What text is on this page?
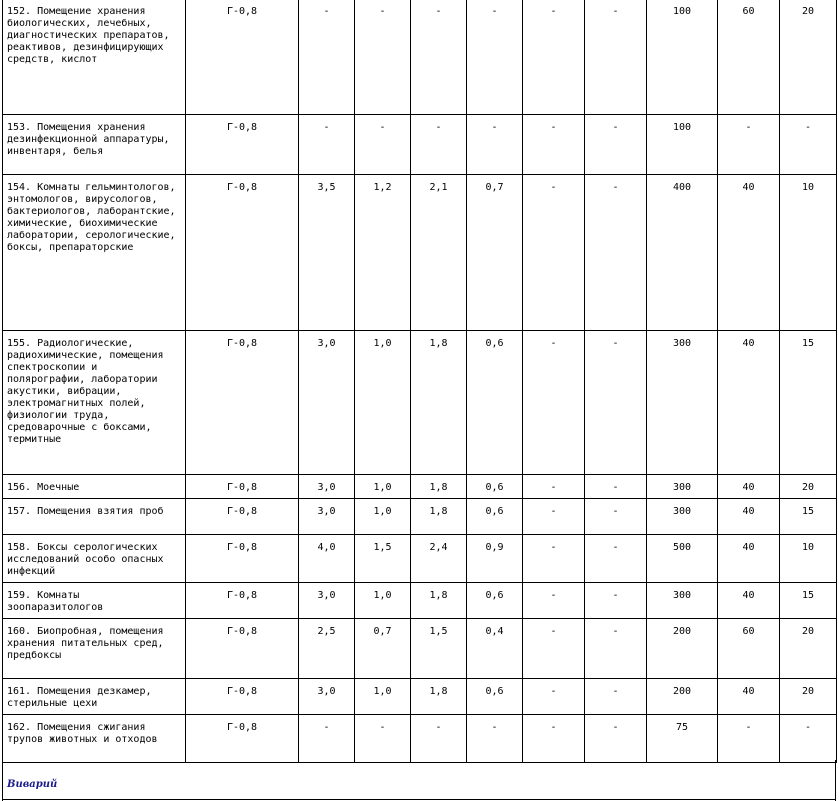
152. Помещение хранения биологических, лечебных, диагностических препаратов, реактивов, дезинфицирующих средств, кислот	Г-0,8	-	-	-	-	-	-	100	60	20
153. Помещения хранения дезинфекционной аппаратуры, инвентаря, белья	Г-0,8	-	-	-	-	-	-	100	-	-
154. Комнаты гельминтологов, энтомологов, вирусологов, бактериологов, лаборантские, химические, биохимические лаборатории, серологические, боксы, препараторские	Г-0,8	3,5	1,2	2,1	0,7	-	-	400	40	10
155. Радиологические, радиохимические, помещения спектроскопии и полярографии, лаборатории акустики, вибрации, электромагнитных полей, физиологии труда, средоварочные с боксами, термитные	Г-0,8	3,0	1,0	1,8	0,6	-	-	300	40	15
156. Моечные	Г-0,8	3,0	1,0	1,8	0,6	-	-	300	40	20
157. Помещения взятия проб	Г-0,8	3,0	1,0	1,8	0,6	-	-	300	40	15
158. Боксы серологических исследований особо опасных инфекций	Г-0,8	4,0	1,5	2,4	0,9	-	-	500	40	10
159. Комнаты зоопаразитологов	Г-0,8	3,0	1,0	1,8	0,6	-	-	300	40	15
160. Биопробная, помещения хранения питательных сред, предбоксы	Г-0,8	2,5	0,7	1,5	0,4	-	-	200	60	20
161. Помещения дезкамер, стерильные цехи	Г-0,8	3,0	1,0	1,8	0,6	-	-	200	40	20
162. Помещения сжигания трупов животных и отходов	Г-0,8	-	-	-	-	-	-	75	-	-
Виварий
